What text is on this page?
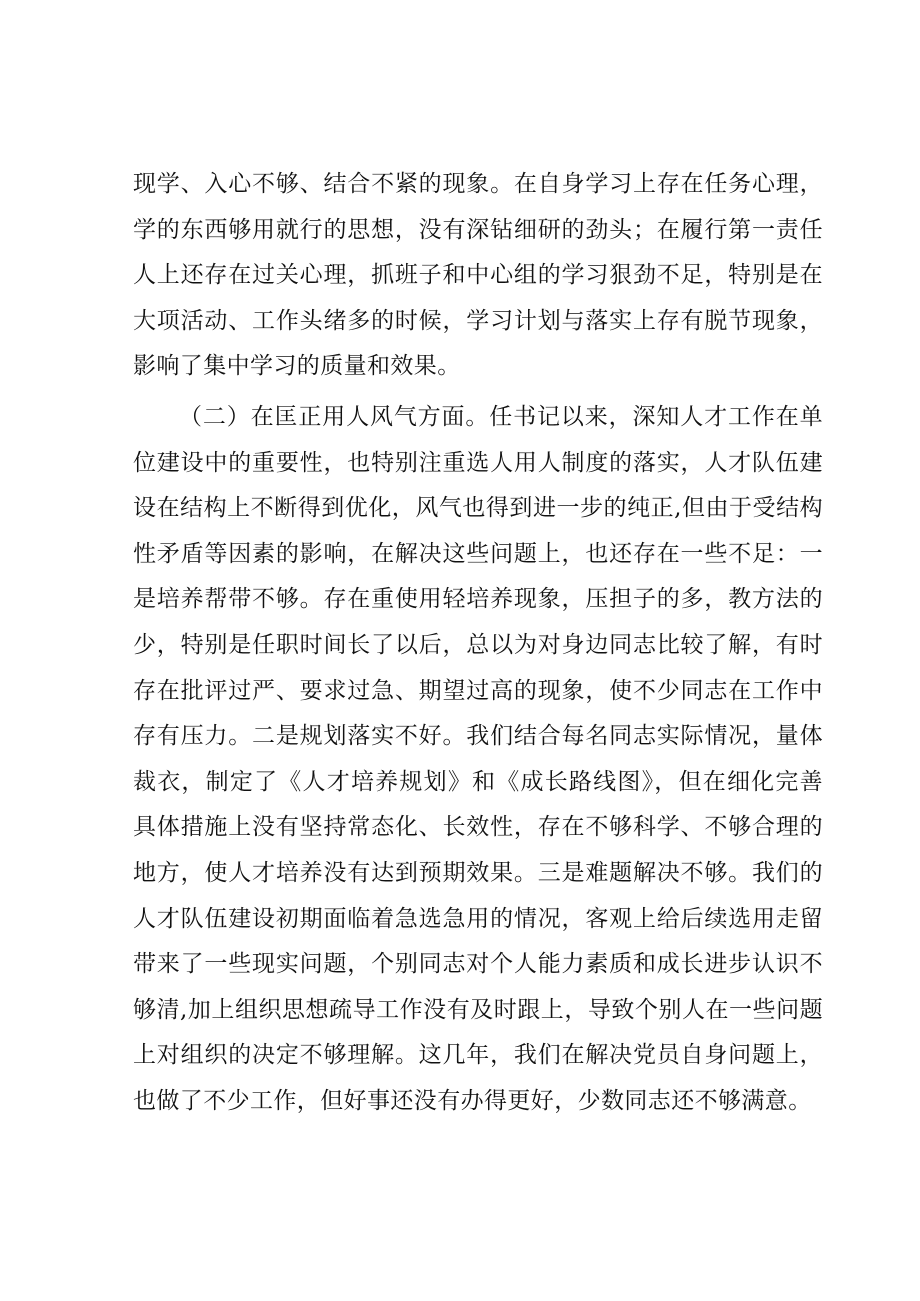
现学、入心不够、结合不紧的现象。在自身学习上存在任务心理，学的东西够用就行的思想，没有深钻细研的劲头；在履行第一责任人上还存在过关心理，抓班子和中心组的学习狠劲不足，特别是在大项活动、工作头绪多的时候，学习计划与落实上存有脱节现象，影响了集中学习的质量和效果。

（二）在匡正用人风气方面。任书记以来，深知人才工作在单位建设中的重要性，也特别注重选人用人制度的落实，人才队伍建设在结构上不断得到优化，风气也得到进一步的纯正,但由于受结构性矛盾等因素的影响，在解决这些问题上，也还存在一些不足：一是培养帮带不够。存在重使用轻培养现象，压担子的多，教方法的少，特别是任职时间长了以后，总以为对身边同志比较了解，有时存在批评过严、要求过急、期望过高的现象，使不少同志在工作中存有压力。二是规划落实不好。我们结合每名同志实际情况，量体裁衣，制定了《人才培养规划》和《成长路线图》，但在细化完善具体措施上没有坚持常态化、长效性，存在不够科学、不够合理的地方，使人才培养没有达到预期效果。三是难题解决不够。我们的人才队伍建设初期面临着急选急用的情况，客观上给后续选用走留带来了一些现实问题，个别同志对个人能力素质和成长进步认识不够清,加上组织思想疏导工作没有及时跟上，导致个别人在一些问题上对组织的决定不够理解。这几年，我们在解决党员自身问题上，也做了不少工作，但好事还没有办得更好，少数同志还不够满意。
